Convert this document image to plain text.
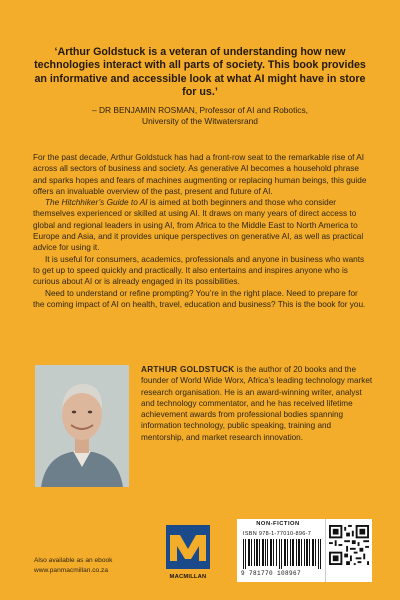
‘Arthur Goldstuck is a veteran of understanding how new technologies interact with all parts of society. This book provides an informative and accessible look at what AI might have in store for us.’
– DR BENJAMIN ROSMAN, Professor of AI and Robotics,
University of the Witwatersrand

For the past decade, Arthur Goldstuck has had a front-row seat to the remarkable rise of AI across all sectors of business and society. As generative AI becomes a household phrase and sparks hopes and fears of machines augmenting or replacing human beings, this guide offers an invaluable overview of the past, present and future of AI.

The Hitchhiker’s Guide to AI is aimed at both beginners and those who consider themselves experienced or skilled at using AI. It draws on many years of direct access to global and regional leaders in using AI, from Africa to the Middle East to North America to Europe and Asia, and it provides unique perspectives on generative AI, as well as practical advice for using it.

It is useful for consumers, academics, professionals and anyone in business who wants to get up to speed quickly and practically. It also entertains and inspires anyone who is curious about AI or is already engaged in its possibilities.

Need to understand or refine prompting? You’re in the right place. Need to prepare for the coming impact of AI on health, travel, education and business? This is the book for you.

ARTHUR GOLDSTUCK is the author of 20 books and the founder of World Wide Worx, Africa’s leading technology market research organisation. He is an award-winning writer, analyst and technology commentator, and he has received lifetime achievement awards from professional bodies spanning information technology, public speaking, training and mentorship, and market research innovation.
Also available as an ebook
www.panmacmillan.co.za
MACMILLAN
NON-FICTION
ISBN 978-1-77010-896-7
9 781770 108967
